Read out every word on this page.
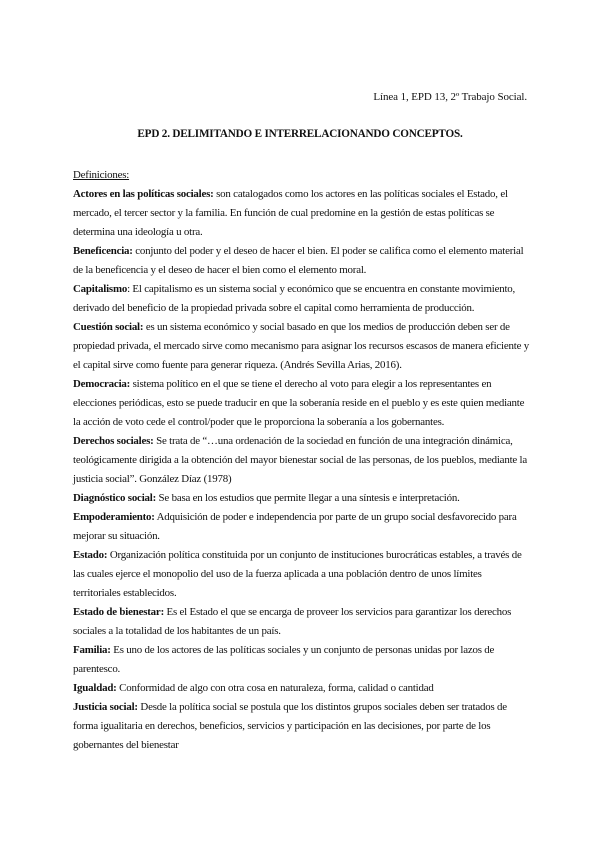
Línea 1, EPD 13, 2º Trabajo Social.
EPD 2. DELIMITANDO E INTERRELACIONANDO CONCEPTOS.
Definiciones:

Actores en las políticas sociales: son catalogados como los actores en las políticas sociales el Estado, el mercado, el tercer sector y la familia. En función de cual predomine en la gestión de estas políticas se determina una ideología u otra.

Beneficencia: conjunto del poder y el deseo de hacer el bien. El poder se califica como el elemento material de la beneficencia y el deseo de hacer el bien como el elemento moral.

Capitalismo: El capitalismo es un sistema social y económico que se encuentra en constante movimiento, derivado del beneficio de la propiedad privada sobre el capital como herramienta de producción.

Cuestión social: es un sistema económico y social basado en que los medios de producción deben ser de propiedad privada, el mercado sirve como mecanismo para asignar los recursos escasos de manera eficiente y el capital sirve como fuente para generar riqueza. (Andrés Sevilla Arias, 2016).

Democracia: sistema político en el que se tiene el derecho al voto para elegir a los representantes en elecciones periódicas, esto se puede traducir en que la soberanía reside en el pueblo y es este quien mediante la acción de voto cede el control/poder que le proporciona la soberanía a los gobernantes.

Derechos sociales: Se trata de “…una ordenación de la sociedad en función de una integración dinámica, teológicamente dirigida a la obtención del mayor bienestar social de las personas, de los pueblos, mediante la justicia social”. González Díaz (1978)

Diagnóstico social: Se basa en los estudios que permite llegar a una síntesis e interpretación.

Empoderamiento: Adquisición de poder e independencia por parte de un grupo social desfavorecido para mejorar su situación.

Estado: Organización política constituida por un conjunto de instituciones burocráticas estables, a través de las cuales ejerce el monopolio del uso de la fuerza aplicada a una población dentro de unos límites territoriales establecidos.

Estado de bienestar: Es el Estado el que se encarga de proveer los servicios para garantizar los derechos sociales a la totalidad de los habitantes de un país.

Familia: Es uno de los actores de las políticas sociales y un conjunto de personas unidas por lazos de parentesco.

Igualdad: Conformidad de algo con otra cosa en naturaleza, forma, calidad o cantidad

Justicia social: Desde la política social se postula que los distintos grupos sociales deben ser tratados de forma igualitaria en derechos, beneficios, servicios y participación en las decisiones, por parte de los gobernantes del bienestar
